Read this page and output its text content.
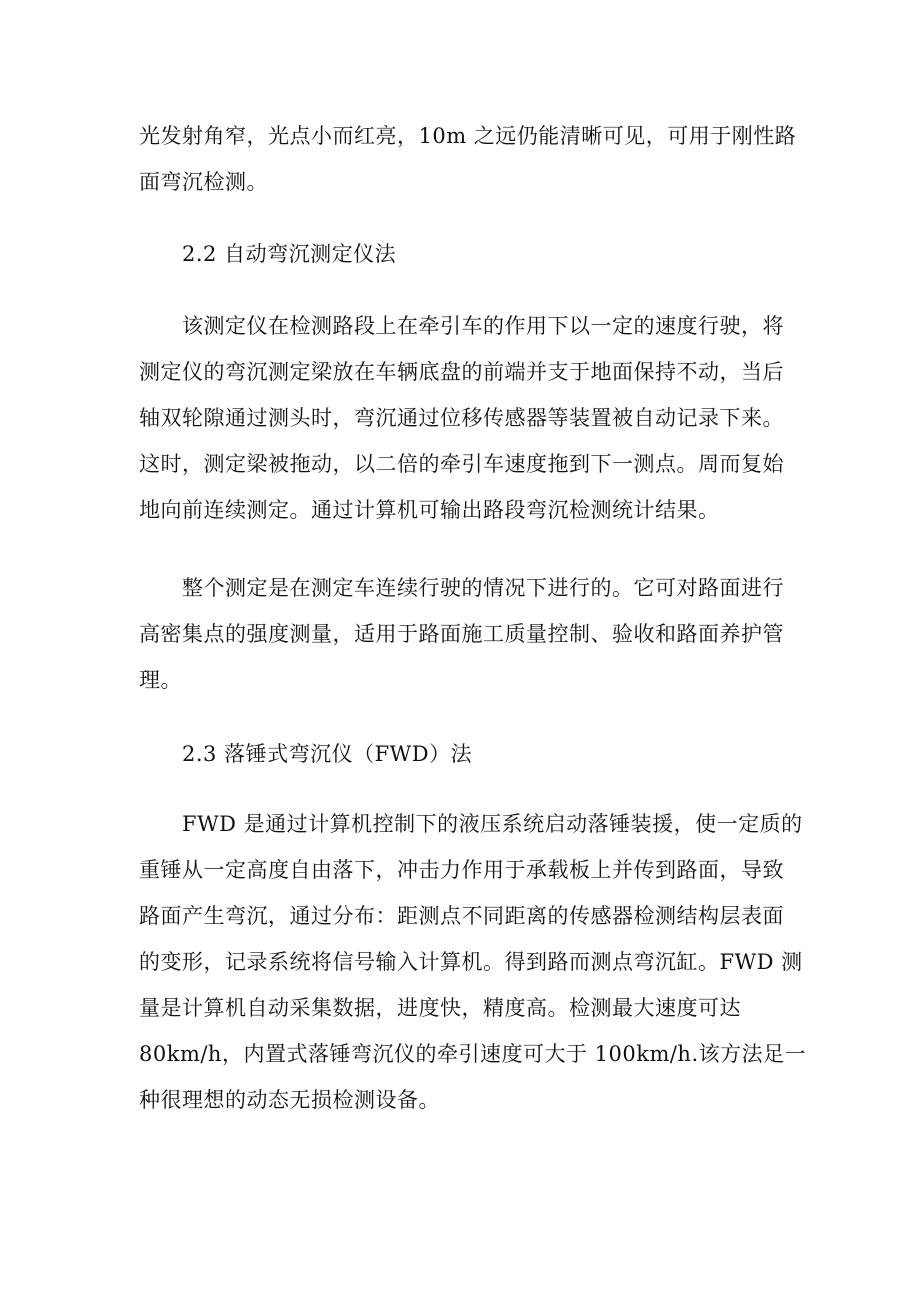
光发射角窄，光点小而红亮，10m 之远仍能清晰可见，可用于刚性路
面弯沉检测。

2.2 自动弯沉测定仪法

该测定仪在检测路段上在牵引车的作用下以一定的速度行驶，将
测定仪的弯沉测定梁放在车辆底盘的前端并支于地面保持不动，当后
轴双轮隙通过测头时，弯沉通过位移传感器等装置被自动记录下来。
这时，测定梁被拖动，以二倍的牵引车速度拖到下一测点。周而复始
地向前连续测定。通过计算机可输出路段弯沉检测统计结果。

整个测定是在测定车连续行驶的情况下进行的。它可对路面进行
高密集点的强度测量，适用于路面施工质量控制、验收和路面养护管
理。

2.3 落锤式弯沉仪（FWD）法

FWD 是通过计算机控制下的液压系统启动落锤装援，使一定质的
重锤从一定高度自由落下，冲击力作用于承载板上并传到路面，导致
路面产生弯沉，通过分布：距测点不同距离的传感器检测结构层表面
的变形，记录系统将信号输入计算机。得到路而测点弯沉缸。FWD 测
量是计算机自动采集数据，进度快，精度高。检测最大速度可达
80km/h，内置式落锤弯沉仪的牵引速度可大于 100km/h.该方法足一
种很理想的动态无损检测设备。
